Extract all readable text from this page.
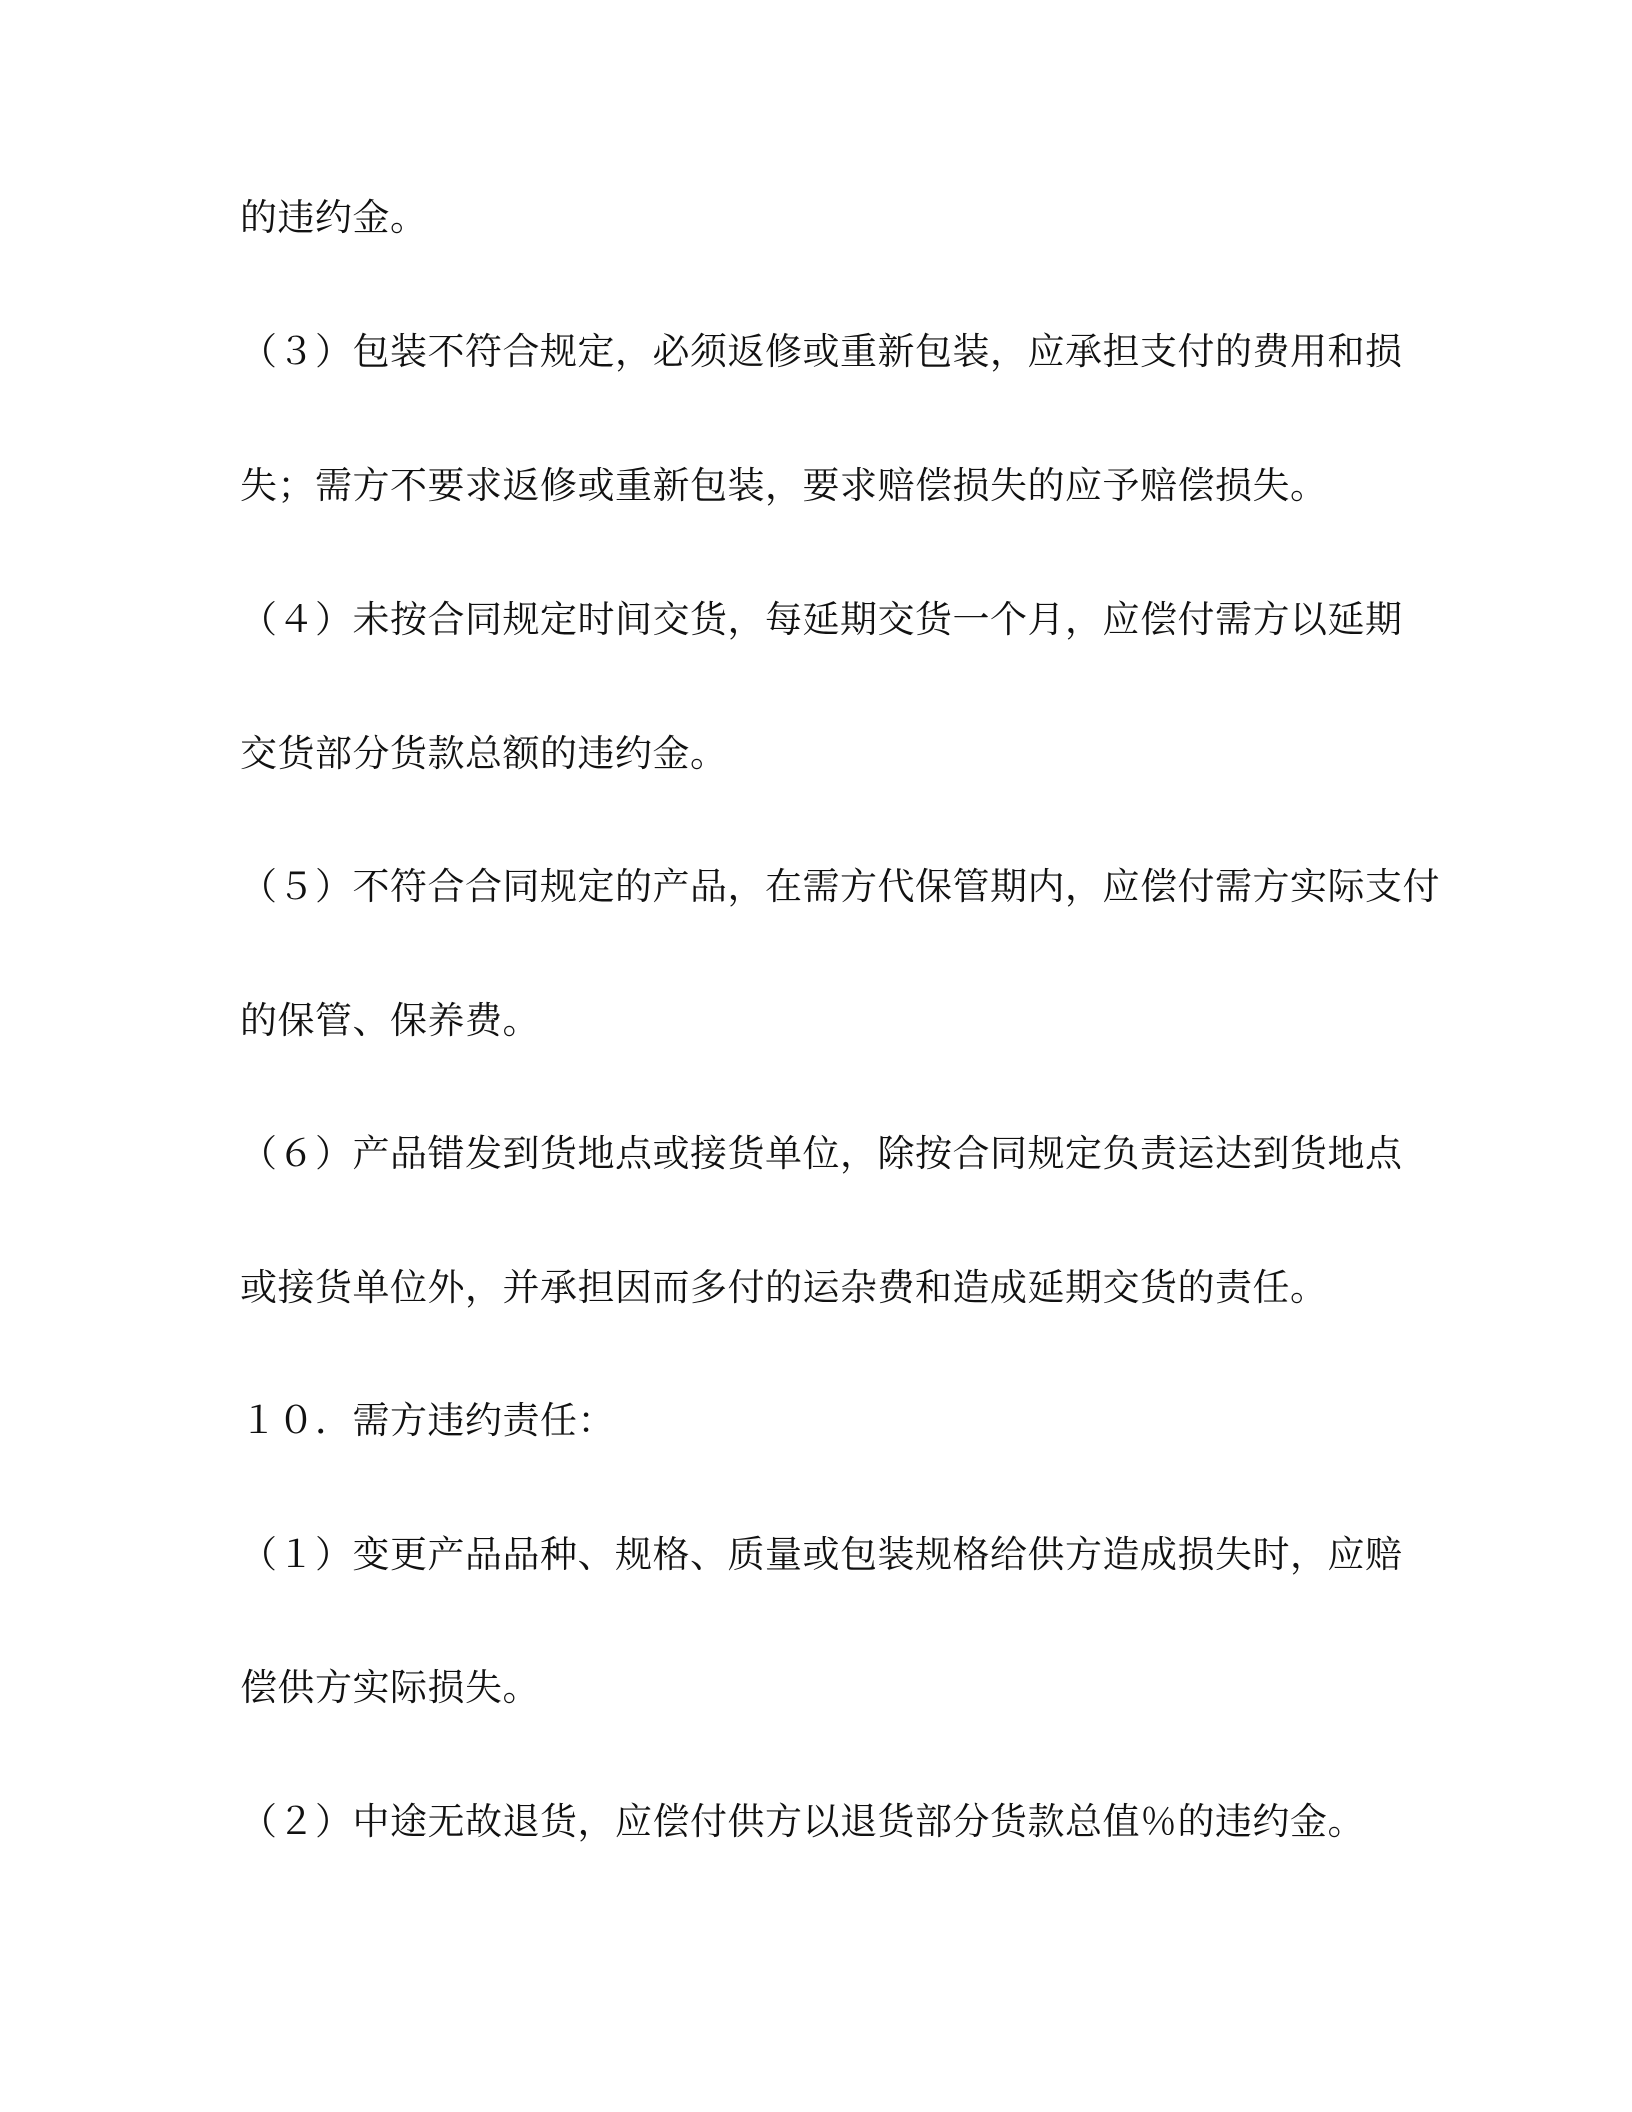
的违约金。
（３）包装不符合规定，必须返修或重新包装，应承担支付的费用和损
失；需方不要求返修或重新包装，要求赔偿损失的应予赔偿损失。
（４）未按合同规定时间交货，每延期交货一个月，应偿付需方以延期
交货部分货款总额的违约金。
（５）不符合合同规定的产品，在需方代保管期内，应偿付需方实际支付
的保管、保养费。
（６）产品错发到货地点或接货单位，除按合同规定负责运达到货地点
或接货单位外，并承担因而多付的运杂费和造成延期交货的责任。
１０．需方违约责任：
（１）变更产品品种、规格、质量或包装规格给供方造成损失时，应赔
偿供方实际损失。
（２）中途无故退货，应偿付供方以退货部分货款总值％的违约金。
